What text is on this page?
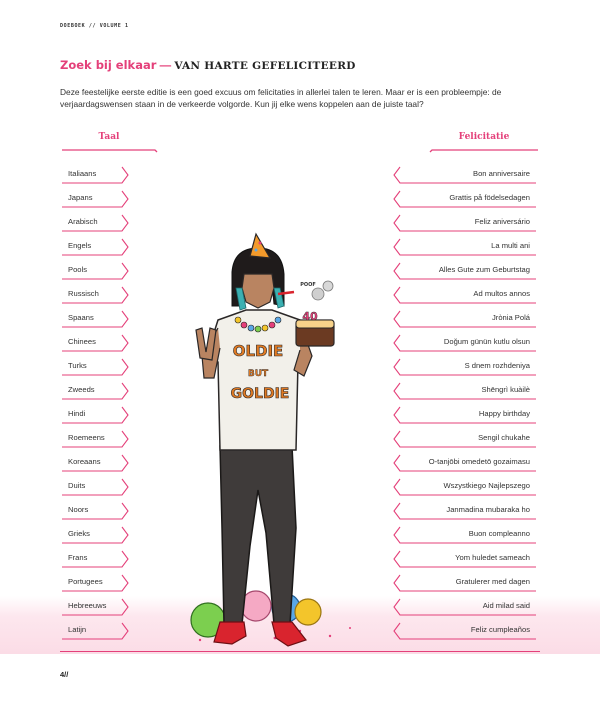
DOEBOEK // VOLUME 1
Zoek bij elkaar — VAN HARTE GEFELICITEERD
Deze feestelijke eerste editie is een goed excuus om felicitaties in allerlei talen te leren. Maar er is een probleempje: de verjaardagswensen staan in de verkeerde volgorde. Kun jij elke wens koppelen aan de juiste taal?
Taal	Felicitatie
Italiaans
Japans
Arabisch
Engels
Pools
Russisch
Spaans
Chinees
Turks
Zweeds
Hindi
Roemeens
Koreaans
Duits
Noors
Grieks
Frans
Portugees
Hebreeuws
Latijn
Bon anniversaire
Grattis på födelsedagen
Feliz aniversário
La multi ani
Alles Gute zum Geburtstag
Ad multos annos
Jrònia Polá
Doğum günün kutlu olsun
S dnem rozhdeniya
Shēngrì kuàilè
Happy birthday
Sengil chukahe
O-tanjōbi omedetō gozaimasu
Wszystkiego Najlepszego
Janmadina mubaraka ho
Buon compleanno
Yom huledet sameach
Gratulerer med dagen
Aid milad said
Feliz cumpleaños
OLDIE
BUT
GOLDIE
40
POOF
4//
